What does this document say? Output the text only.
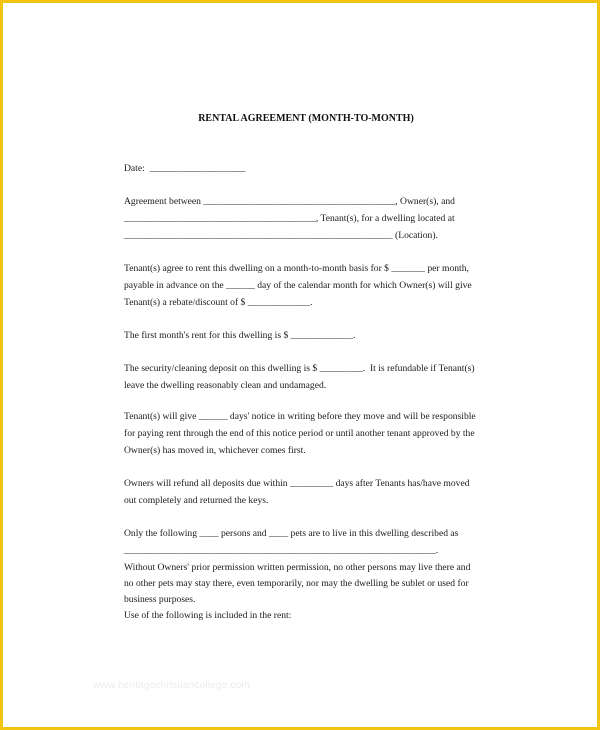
RENTAL AGREEMENT (MONTH-TO-MONTH)
Date:  ____________________
Agreement between ________________________________________, Owner(s), and
________________________________________, Tenant(s), for a dwelling located at
________________________________________________________ (Location).
Tenant(s) agree to rent this dwelling on a month-to-month basis for $ _______ per month,
payable in advance on the ______ day of the calendar month for which Owner(s) will give
Tenant(s) a rebate/discount of $ _____________.
The first month's rent for this dwelling is $ _____________.
The security/cleaning deposit on this dwelling is $ _________.  It is refundable if Tenant(s)
leave the dwelling reasonably clean and undamaged.
Tenant(s) will give ______ days' notice in writing before they move and will be responsible
for paying rent through the end of this notice period or until another tenant approved by the
Owner(s) has moved in, whichever comes first.
Owners will refund all deposits due within _________ days after Tenants has/have moved
out completely and returned the keys.
Only the following ____ persons and ____ pets are to live in this dwelling described as
_________________________________________________________________.
Without Owners' prior permission written permission, no other persons may live there and
no other pets may stay there, even temporarily, nor may the dwelling be sublet or used for
business purposes.
Use of the following is included in the rent:
www.heritagechristiancollege.com
